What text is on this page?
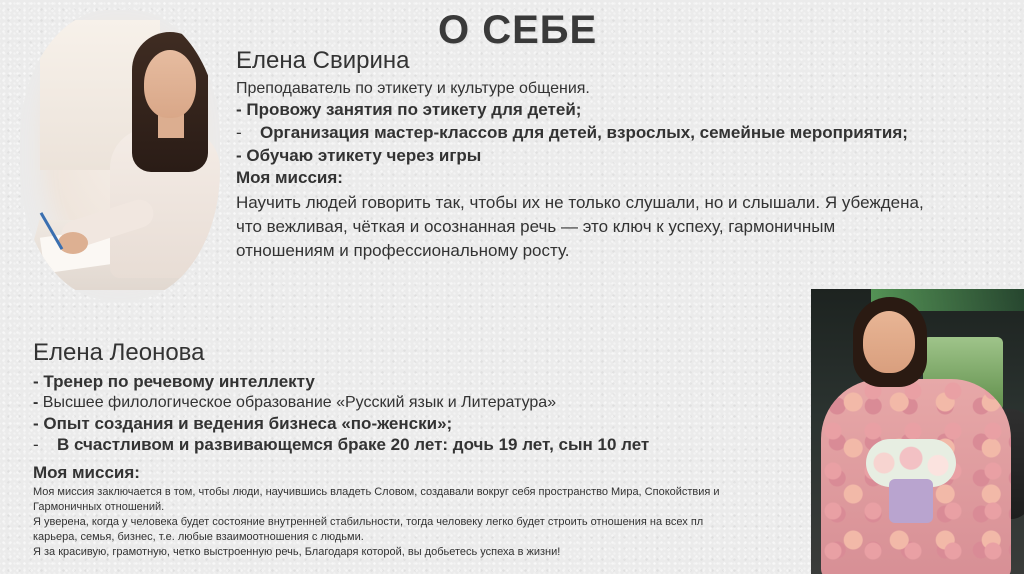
О СЕБЕ
Елена Свирина
Преподаватель по этикету и культуре общения.
- Провожу занятия по этикету для детей;
- Организация мастер-классов для детей, взрослых, семейные мероприятия;
- Обучаю этикету через игры
Моя миссия:
Научить людей говорить так, чтобы их не только слушали, но и слышали. Я убеждена, что вежливая, чёткая и осознанная речь — это ключ к успеху, гармоничным отношениям и профессиональному росту.
Елена Леонова
- Тренер по речевому интеллекту
- Высшее филологическое образование «Русский язык и Литература»
- Опыт создания и ведения бизнеса «по-женски»;
- В счастливом и развивающемся браке 20 лет: дочь 19 лет, сын 10 лет
Моя миссия:

Моя миссия заключается в том, чтобы люди, научившись владеть Словом, создавали вокруг себя пространство Мира, Спокойствия и

Гармоничных отношений.

Я уверена, когда у человека будет состояние внутренней стабильности, тогда человеку легко будет строить отношения на всех пл

карьера, семья, бизнес, т.е. любые взаимоотношения с людьми.

Я за красивую, грамотную, четко выстроенную речь, Благодаря которой, вы добьетесь успеха в жизни!
